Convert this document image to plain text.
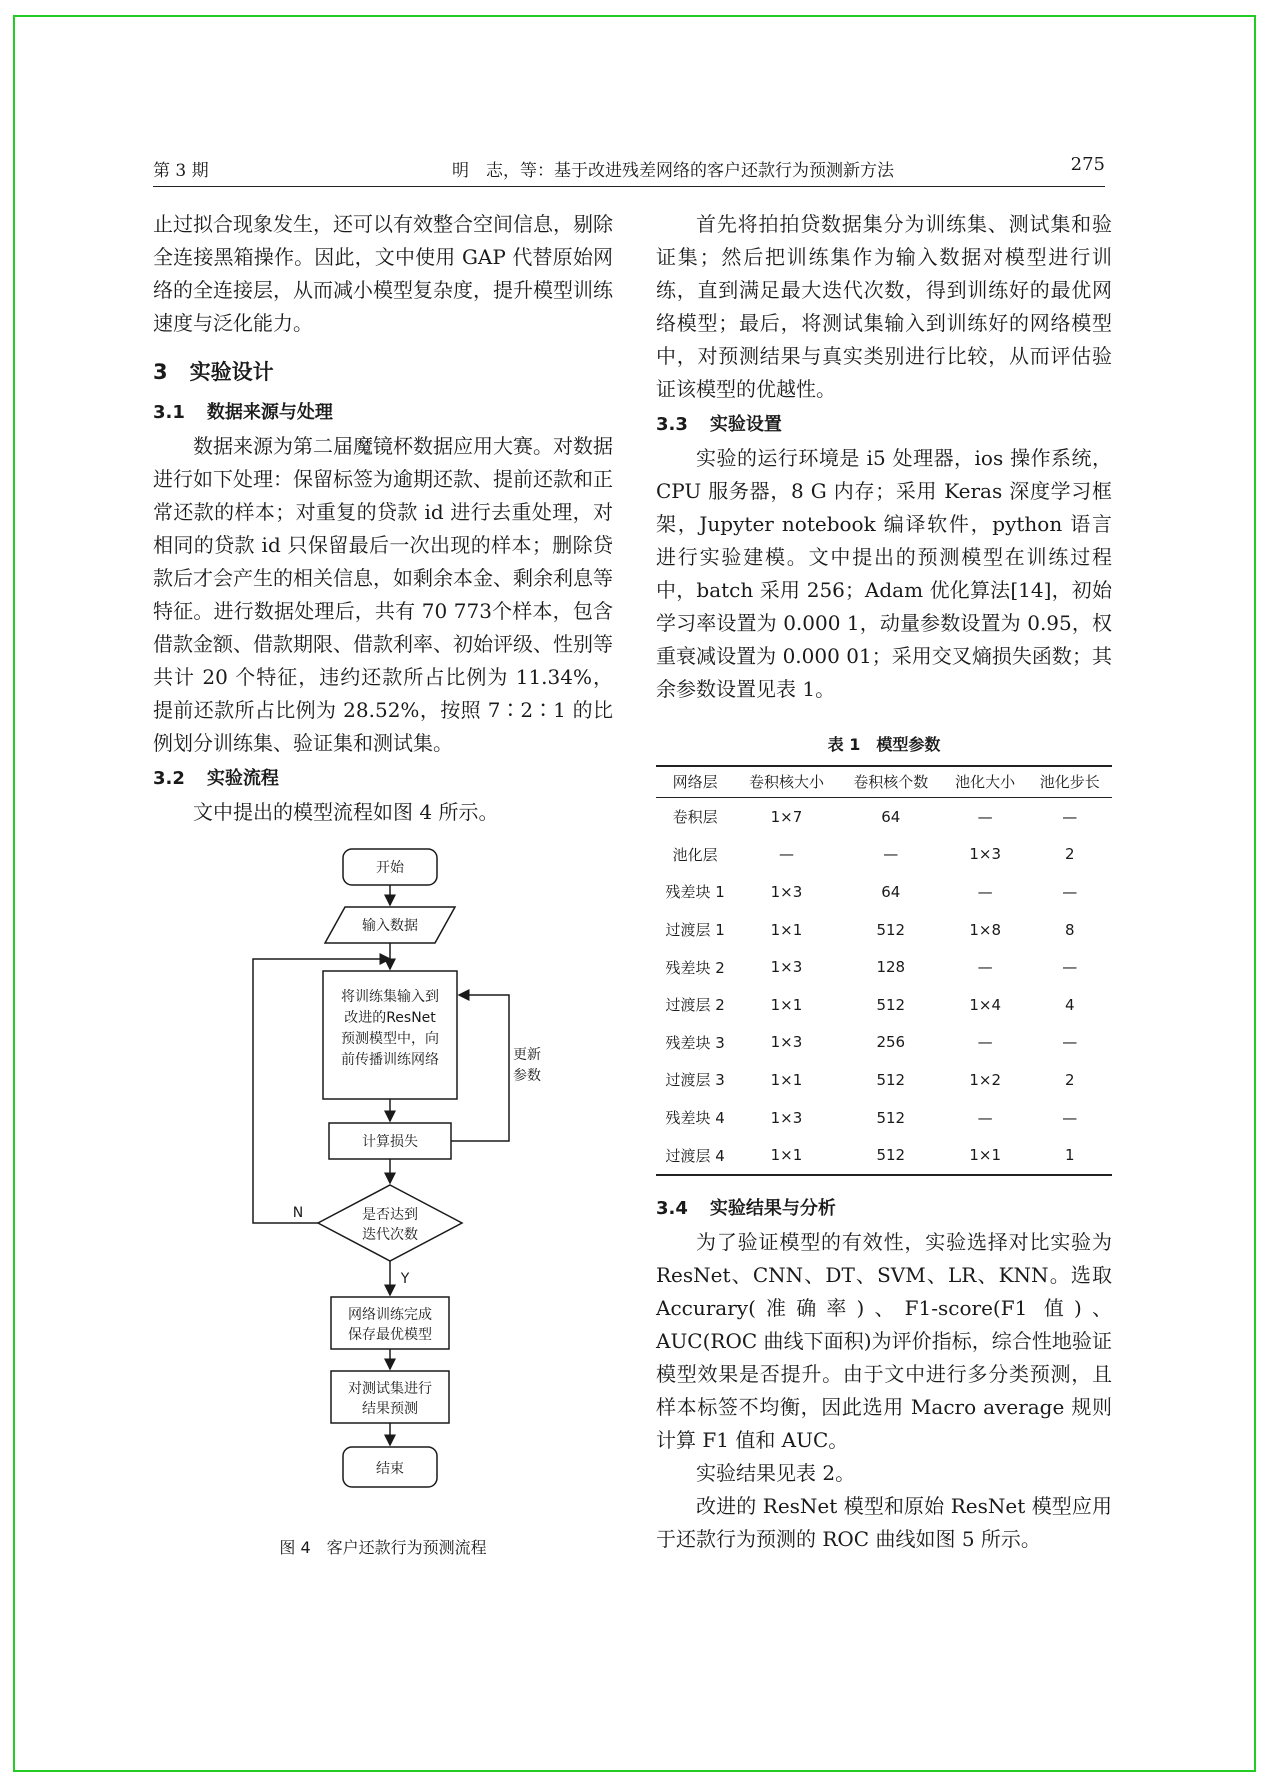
第 3 期	明　志，等：基于改进残差网络的客户还款行为预测新方法	275

止过拟合现象发生，还可以有效整合空间信息，剔除全连接黑箱操作。因此，文中使用 GAP 代替原始网络的全连接层，从而减小模型复杂度，提升模型训练速度与泛化能力。

3 实验设计
3.1 数据来源与处理

数据来源为第二届魔镜杯数据应用大赛。对数据进行如下处理：保留标签为逾期还款、提前还款和正常还款的样本；对重复的贷款 id 进行去重处理，对相同的贷款 id 只保留最后一次出现的样本；删除贷款后才会产生的相关信息，如剩余本金、剩余利息等特征。进行数据处理后，共有 70 773个样本，包含借款金额、借款期限、借款利率、初始评级、性别等共计 20 个特征，违约还款所占比例为 11.34%，提前还款所占比例为 28.52%，按照 7∶2∶1 的比例划分训练集、验证集和测试集。

3.2 实验流程

文中提出的模型流程如图 4 所示。

开始
输入数据
将训练集输入到
改进的ResNet
预测模型中，向
前传播训练网络	更新
参数
计算损失
是否达到
迭代次数
N
Y
网络训练完成
保存最优模型
对测试集进行
结果预测
结束
图 4　客户还款行为预测流程

首先将拍拍贷数据集分为训练集、测试集和验证集；然后把训练集作为输入数据对模型进行训练，直到满足最大迭代次数，得到训练好的最优网络模型；最后，将测试集输入到训练好的网络模型中，对预测结果与真实类别进行比较，从而评估验证该模型的优越性。

3.3 实验设置

实验的运行环境是 i5 处理器，ios 操作系统，CPU 服务器，8 G 内存；采用 Keras 深度学习框架，Jupyter notebook 编译软件，python 语言进行实验建模。文中提出的预测模型在训练过程中，batch 采用 256；Adam 优化算法[14]，初始学习率设置为 0.000 1，动量参数设置为 0.95，权重衰减设置为 0.000 01；采用交叉熵损失函数；其余参数设置见表 1。

表 1　模型参数
网络层	卷积核大小	卷积核个数	池化大小	池化步长
卷积层	1×7	64	—	—
池化层	—	—	1×3	2
残差块 1	1×3	64	—	—
过渡层 1	1×1	512	1×8	8
残差块 2	1×3	128	—	—
过渡层 2	1×1	512	1×4	4
残差块 3	1×3	256	—	—
过渡层 3	1×1	512	1×2	2
残差块 4	1×3	512	—	—
过渡层 4	1×1	512	1×1	1
3.4 实验结果与分析

为了验证模型的有效性，实验选择对比实验为 ResNet、CNN、DT、SVM、LR、KNN。选取 Accurary(准确率)、F1-score(F1 值)、AUC(ROC 曲线下面积)为评价指标，综合性地验证模型效果是否提升。由于文中进行多分类预测，且样本标签不均衡，因此选用 Macro average 规则计算 F1 值和 AUC。

实验结果见表 2。

改进的 ResNet 模型和原始 ResNet 模型应用于还款行为预测的 ROC 曲线如图 5 所示。
